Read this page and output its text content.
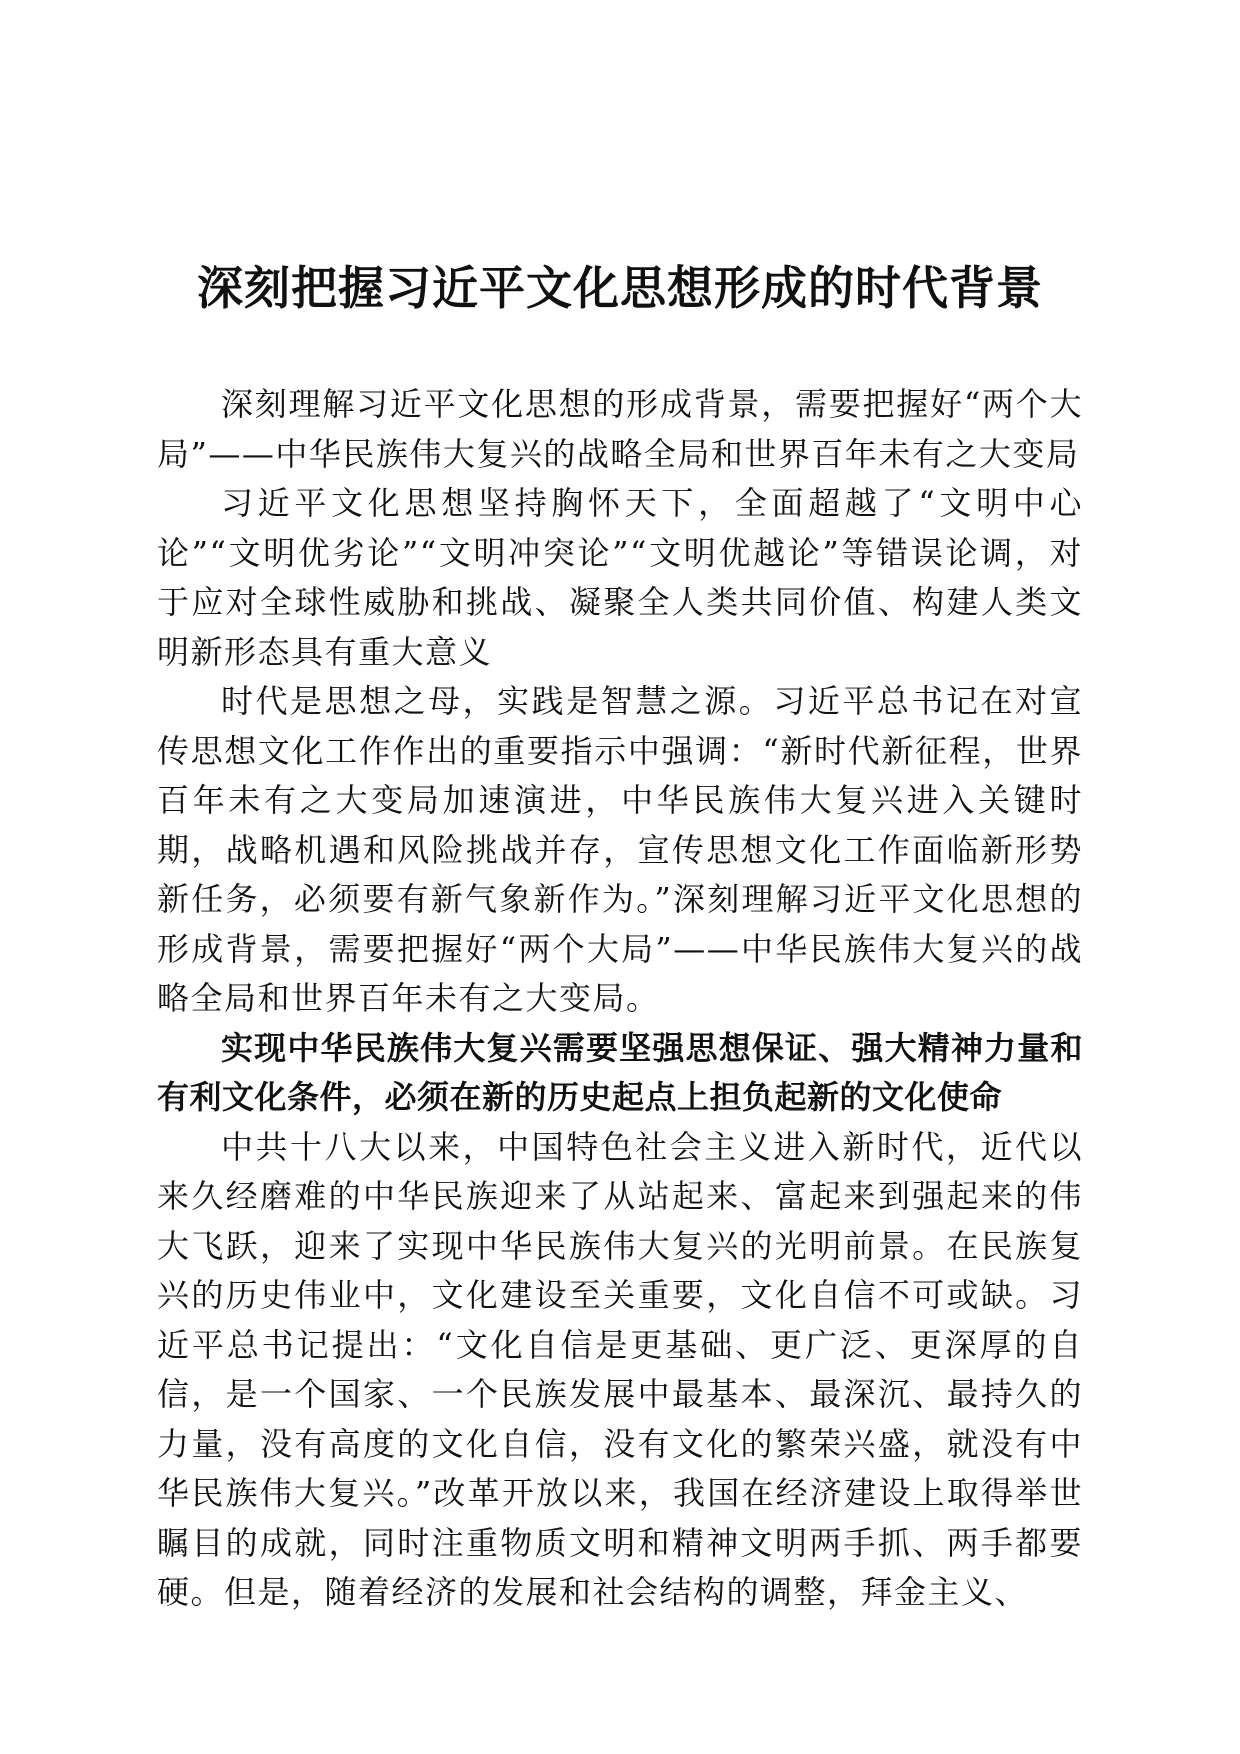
深刻把握习近平文化思想形成的时代背景

深刻理解习近平文化思想的形成背景，需要把握好“两个大局”——中华民族伟大复兴的战略全局和世界百年未有之大变局

习近平文化思想坚持胸怀天下，全面超越了“文明中心论”“文明优劣论”“文明冲突论”“文明优越论”等错误论调，对于应对全球性威胁和挑战、凝聚全人类共同价值、构建人类文明新形态具有重大意义

时代是思想之母，实践是智慧之源。习近平总书记在对宣传思想文化工作作出的重要指示中强调：“新时代新征程，世界百年未有之大变局加速演进，中华民族伟大复兴进入关键时期，战略机遇和风险挑战并存，宣传思想文化工作面临新形势新任务，必须要有新气象新作为。”深刻理解习近平文化思想的形成背景，需要把握好“两个大局”——中华民族伟大复兴的战略全局和世界百年未有之大变局。

实现中华民族伟大复兴需要坚强思想保证、强大精神力量和有利文化条件，必须在新的历史起点上担负起新的文化使命

中共十八大以来，中国特色社会主义进入新时代，近代以来久经磨难的中华民族迎来了从站起来、富起来到强起来的伟大飞跃，迎来了实现中华民族伟大复兴的光明前景。在民族复兴的历史伟业中，文化建设至关重要，文化自信不可或缺。习近平总书记提出：“文化自信是更基础、更广泛、更深厚的自信，是一个国家、一个民族发展中最基本、最深沉、最持久的力量，没有高度的文化自信，没有文化的繁荣兴盛，就没有中华民族伟大复兴。”改革开放以来，我国在经济建设上取得举世瞩目的成就，同时注重物质文明和精神文明两手抓、两手都要硬。但是，随着经济的发展和社会结构的调整，拜金主义、
